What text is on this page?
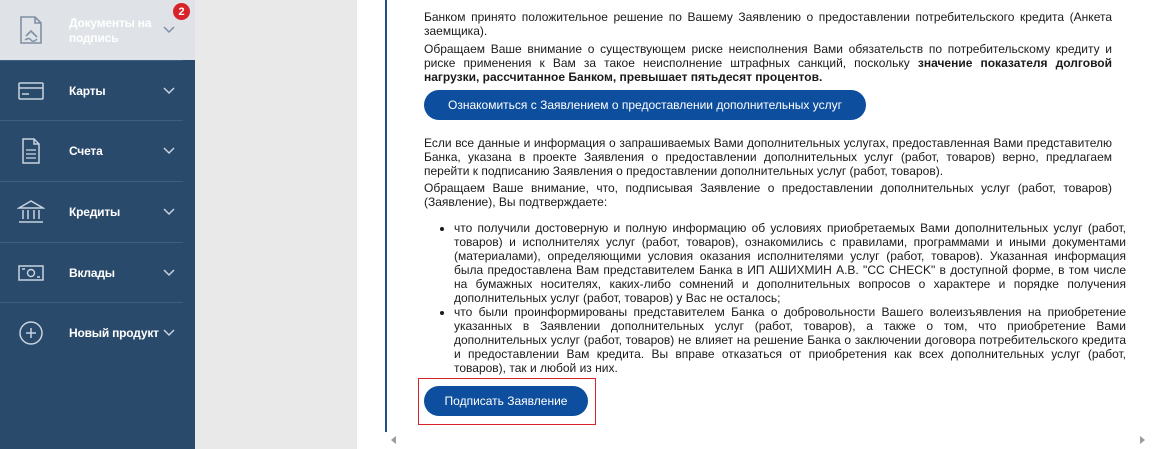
Документы на
подпись
2
Карты
Счета
Кредиты
Вклады
Новый продукт
Банком принято положительное решение по Вашему Заявлению о предоставлении потребительского кредита (Анкета заемщика).
Обращаем Ваше внимание о существующем риске неисполнения Вами обязательств по потребительскому кредиту и риске применения к Вам за такое неисполнение штрафных санкций, поскольку значение показателя долговой нагрузки, рассчитанное Банком, превышает пятьдесят процентов.
Ознакомиться с Заявлением о предоставлении дополнительных услуг
Если все данные и информация о запрашиваемых Вами дополнительных услугах, предоставленная Вами представителю Банка, указана в проекте Заявления о предоставлении дополнительных услуг (работ, товаров) верно, предлагаем перейти к подписанию Заявления о предоставлении дополнительных услуг (работ, товаров).
Обращаем Ваше внимание, что, подписывая Заявление о предоставлении дополнительных услуг (работ, товаров) (Заявление), Вы подтверждаете:
• что получили достоверную и полную информацию об условиях приобретаемых Вами дополнительных услуг (работ, товаров) и исполнителях услуг (работ, товаров), ознакомились с правилами, программами и иными документами (материалами), определяющими условия оказания исполнителями услуг (работ, товаров). Указанная информация была предоставлена Вам представителем Банка в ИП АШИХМИН А.В. "СС CHECK" в доступной форме, в том числе на бумажных носителях, каких-либо сомнений и дополнительных вопросов о характере и порядке получения дополнительных услуг (работ, товаров) у Вас не осталось;
• что были проинформированы представителем Банка о добровольности Вашего волеизъявления на приобретение указанных в Заявлении дополнительных услуг (работ, товаров), а также о том, что приобретение Вами дополнительных услуг (работ, товаров) не влияет на решение Банка о заключении договора потребительского кредита и предоставлении Вам кредита. Вы вправе отказаться от приобретения как всех дополнительных услуг (работ, товаров), так и любой из них.
Подписать Заявление
